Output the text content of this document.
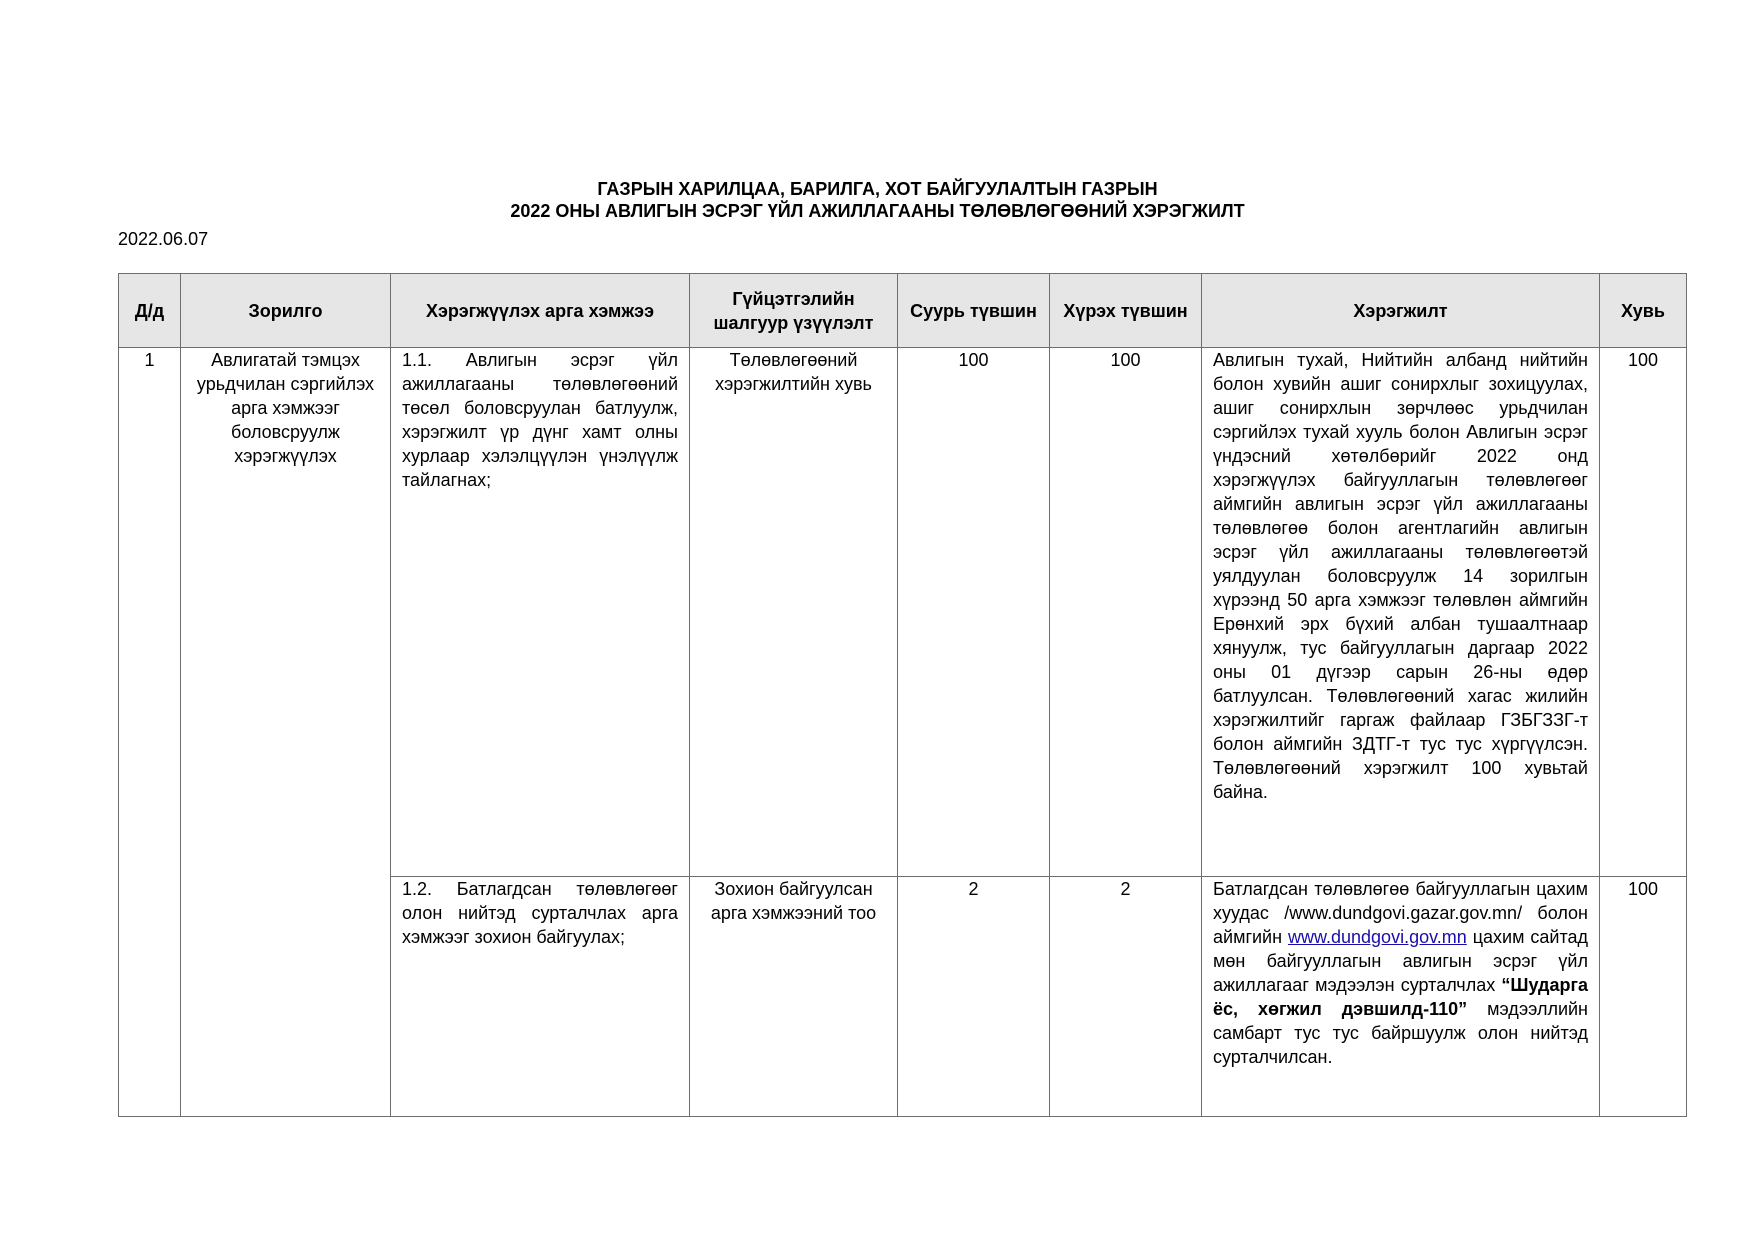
ГАЗРЫН ХАРИЛЦАА, БАРИЛГА, ХОТ БАЙГУУЛАЛТЫН ГАЗРЫН
2022 ОНЫ АВЛИГЫН ЭСРЭГ ҮЙЛ АЖИЛЛАГААНЫ ТӨЛӨВЛӨГӨӨНИЙ ХЭРЭГЖИЛТ
2022.06.07
Д/д	Зорилго	Хэрэгжүүлэх арга хэмжээ	Гүйцэтгэлийн шалгуур үзүүлэлт	Суурь түвшин	Хүрэх түвшин	Хэрэгжилт	Хувь
1	Авлигатай тэмцэх урьдчилан сэргийлэх арга хэмжээг боловсруулж хэрэгжүүлэх	1.1. Авлигын эсрэг үйл ажиллагааны төлөвлөгөөний төсөл боловсруулан батлуулж, хэрэгжилт үр дүнг хамт олны хурлаар хэлэлцүүлэн үнэлүүлж тайлагнах;	Төлөвлөгөөний хэрэгжилтийн хувь	100	100	Авлигын тухай, Нийтийн албанд нийтийн болон хувийн ашиг сонирхлыг зохицуулах, ашиг сонирхлын зөрчлөөс урьдчилан сэргийлэх тухай хууль болон Авлигын эсрэг үндэсний хөтөлбөрийг 2022 онд хэрэгжүүлэх байгууллагын төлөвлөгөөг аймгийн авлигын эсрэг үйл ажиллагааны төлөвлөгөө болон агентлагийн авлигын эсрэг үйл ажиллагааны төлөвлөгөөтэй уялдуулан боловсруулж 14 зорилгын хүрээнд 50 арга хэмжээг төлөвлөн аймгийн Ерөнхий эрх бүхий албан тушаалтнаар хянуулж, тус байгууллагын даргаар 2022 оны 01 дүгээр сарын 26-ны өдөр батлуулсан. Төлөвлөгөөний хагас жилийн хэрэгжилтийг гаргаж файлаар ГЗБГЗЗГ-т болон аймгийн ЗДТГ-т тус тус хүргүүлсэн. Төлөвлөгөөний хэрэгжилт 100 хувьтай байна.	100
		1.2. Батлагдсан төлөвлөгөөг олон нийтэд сурталчлах арга хэмжээг зохион байгуулах;	Зохион байгуулсан арга хэмжээний тоо	2	2	Батлагдсан төлөвлөгөө байгууллагын цахим хуудас /www.dundgovi.gazar.gov.mn/ болон аймгийн www.dundgovi.gov.mn цахим сайтад мөн байгууллагын авлигын эсрэг үйл ажиллагааг мэдээлэн сурталчлах “Шударга ёс, хөгжил дэвшилд-110” мэдээллийн самбарт тус тус байршуулж олон нийтэд сурталчилсан.	100
